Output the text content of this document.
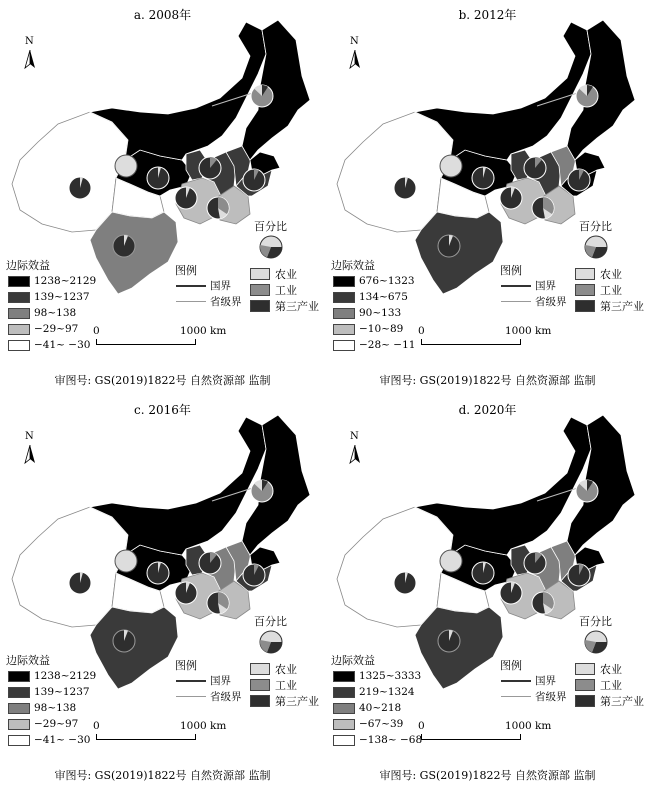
a. 2008年
N
边际效益
1238~2129
139~1237
98~138
−29~97
−41~ −30
图例
国界
省级界
百分比
农业
工业
第三产业
0	1000 km
审图号: GS(2019)1822号 自然资源部 监制
b. 2012年
N
边际效益
676~1323
134~675
90~133
−10~89
−28~ −11
图例
国界
省级界
百分比
农业
工业
第三产业
0	1000 km
审图号: GS(2019)1822号 自然资源部 监制
c. 2016年
N
边际效益
1238~2129
139~1237
98~138
−29~97
−41~ −30
图例
国界
省级界
百分比
农业
工业
第三产业
0	1000 km
审图号: GS(2019)1822号 自然资源部 监制
d. 2020年
N
边际效益
1325~3333
219~1324
40~218
−67~39
−138~ −68
图例
国界
省级界
百分比
农业
工业
第三产业
0	1000 km
审图号: GS(2019)1822号 自然资源部 监制
